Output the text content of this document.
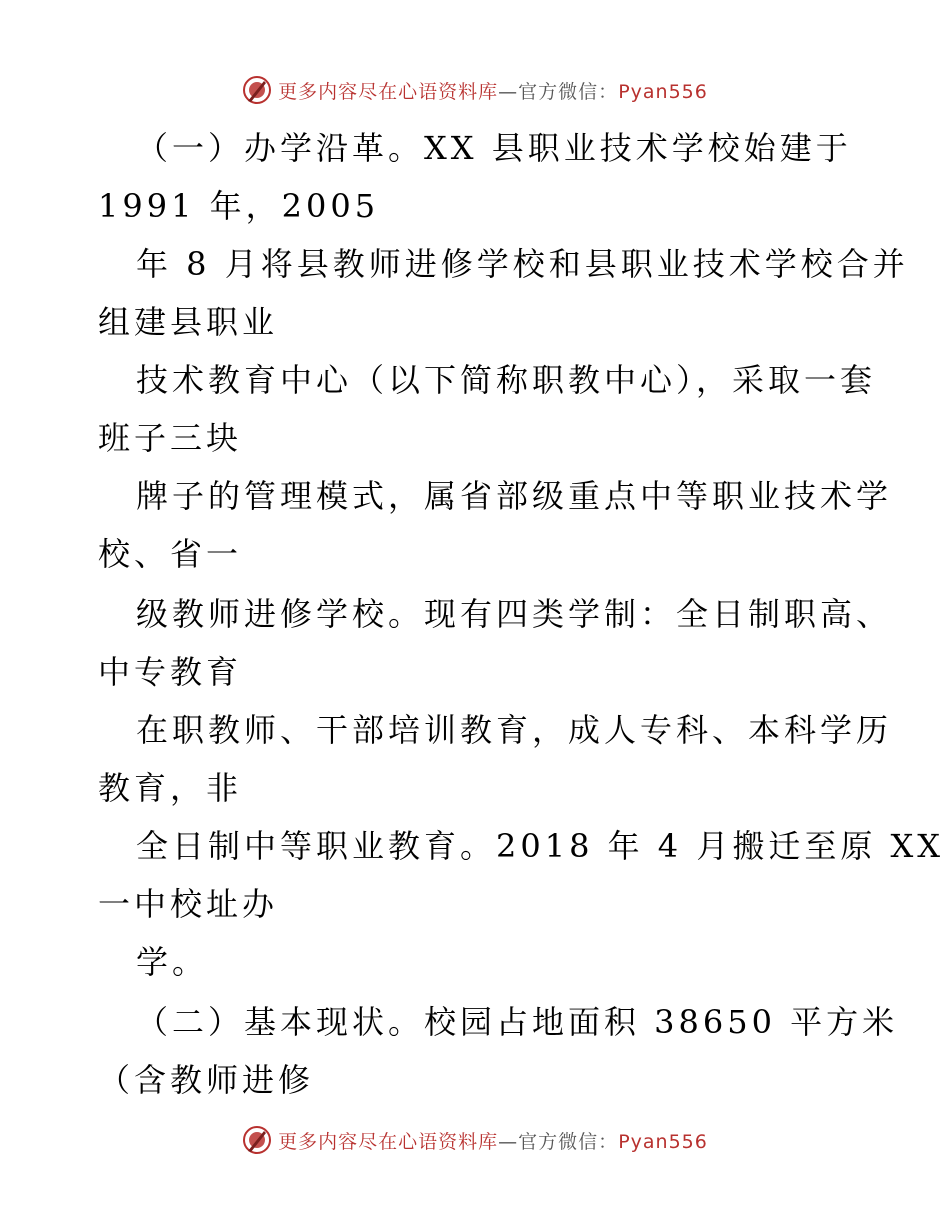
更多内容尽在心语资料库—官方微信：Pyan556
（一）办学沿革。XX 县职业技术学校始建于
1991 年，2005
年 8 月将县教师进修学校和县职业技术学校合并
组建县职业
技术教育中心（以下简称职教中心），采取一套
班子三块
牌子的管理模式，属省部级重点中等职业技术学
校、省一
级教师进修学校。现有四类学制：全日制职高、
中专教育
在职教师、干部培训教育，成人专科、本科学历
教育，非
全日制中等职业教育。2018 年 4 月搬迁至原 XX
一中校址办
学。
（二）基本现状。校园占地面积 38650 平方米
（含教师进修
更多内容尽在心语资料库—官方微信：Pyan556
